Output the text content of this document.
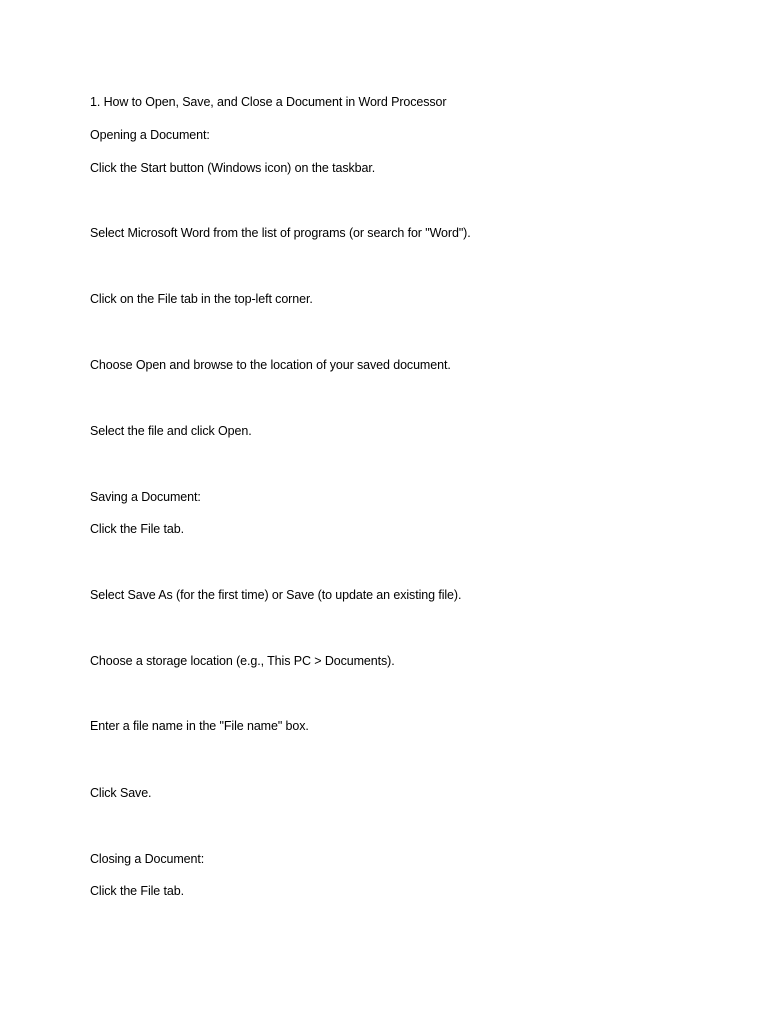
1. How to Open, Save, and Close a Document in Word Processor
Opening a Document:
Click the Start button (Windows icon) on the taskbar.
Select Microsoft Word from the list of programs (or search for "Word").
Click on the File tab in the top-left corner.
Choose Open and browse to the location of your saved document.
Select the file and click Open.
Saving a Document:
Click the File tab.
Select Save As (for the first time) or Save (to update an existing file).
Choose a storage location (e.g., This PC > Documents).
Enter a file name in the "File name" box.
Click Save.
Closing a Document:
Click the File tab.
